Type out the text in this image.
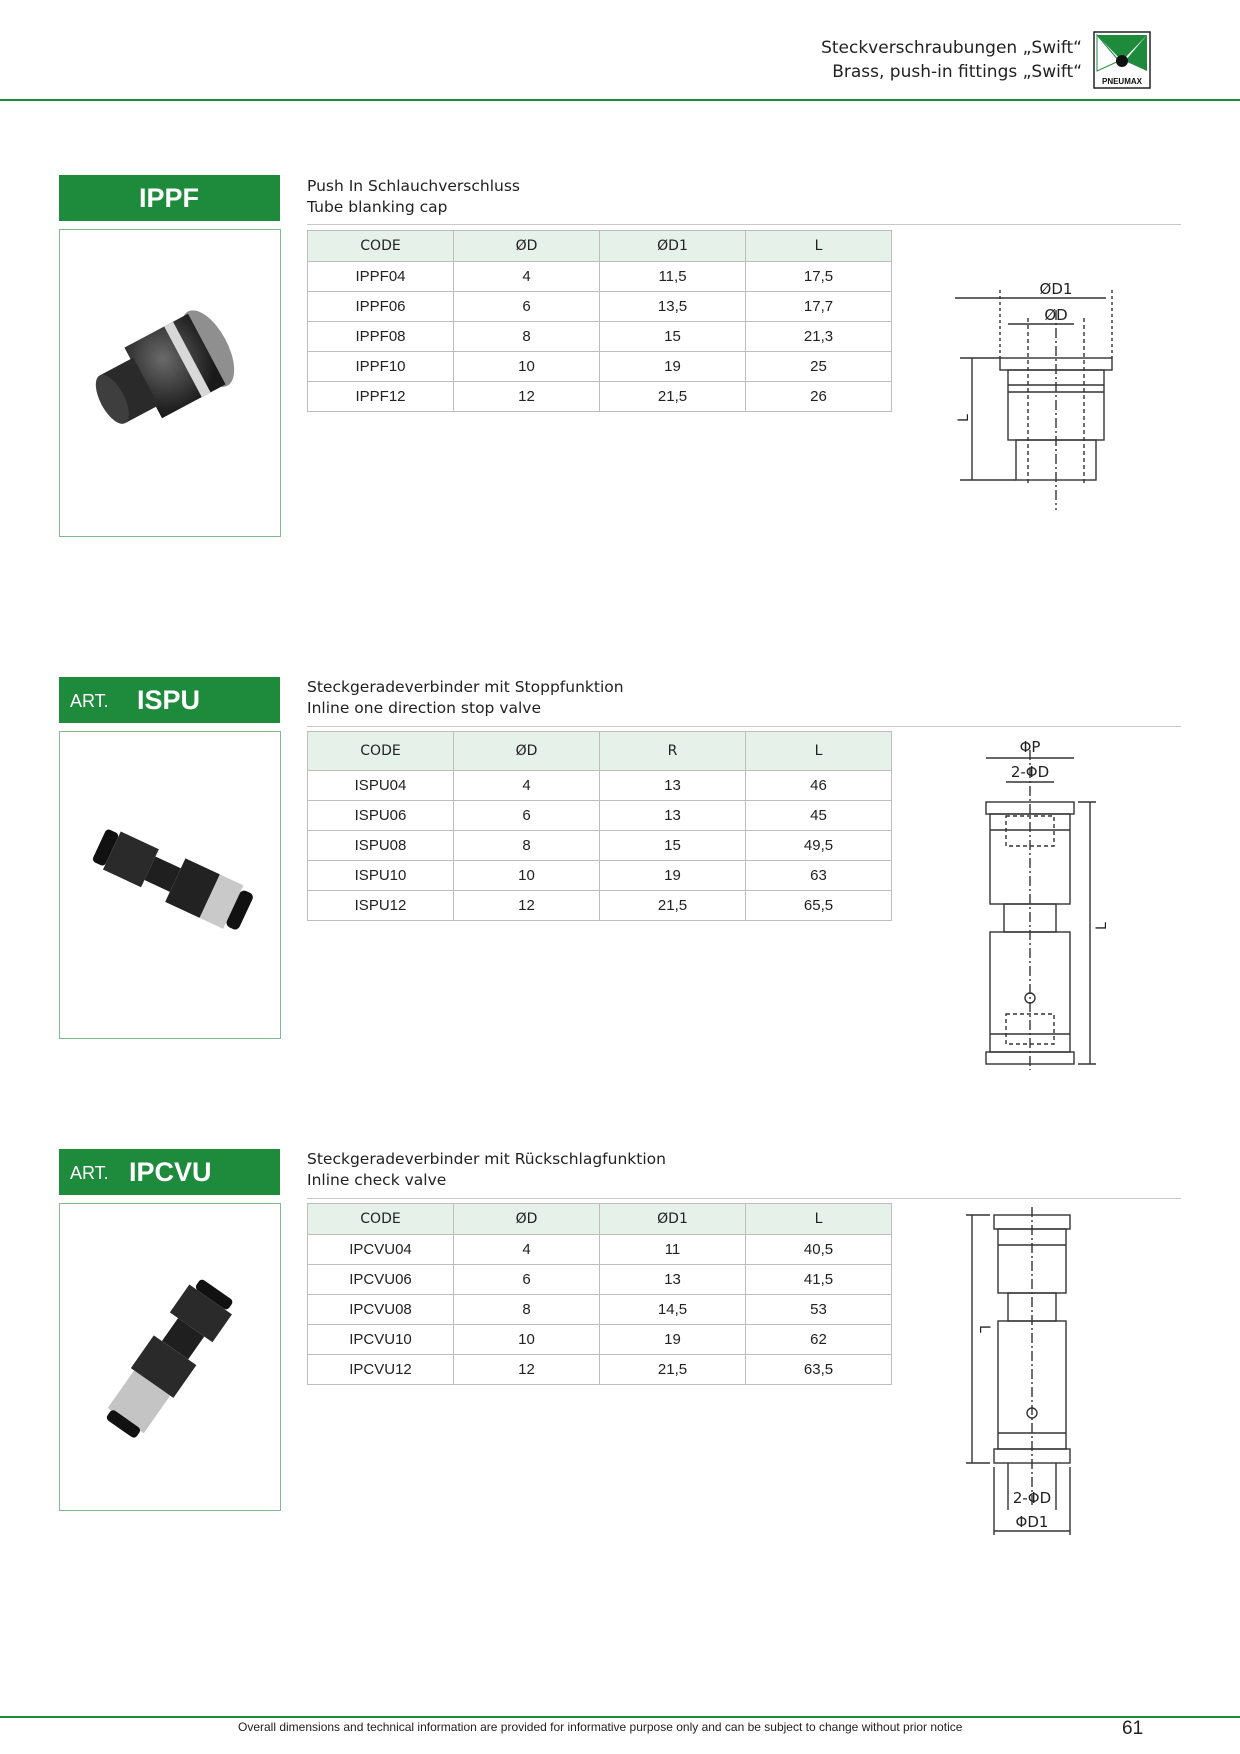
Steckverschraubungen „Swift“
Brass, push-in fittings „Swift“ PNEUMAX
IPPF	Push In Schlauchverschluss
Tube blanking cap
CODE	ØD	ØD1	L
IPPF04	4	11,5	17,5
IPPF06	6	13,5	17,7
IPPF08	8	15	21,3
IPPF10	10	19	25
IPPF12	12	21,5	26
ØD1
ØD
L
ART. ISPU	Steckgeradeverbinder mit Stoppfunktion
Inline one direction stop valve
CODE	ØD	R	L
ISPU04	4	13	46
ISPU06	6	13	45
ISPU08	8	15	49,5
ISPU10	10	19	63
ISPU12	12	21,5	65,5
ΦP
2-ΦD
L
ART. IPCVU	Steckgeradeverbinder mit Rückschlagfunktion
Inline check valve
CODE	ØD	ØD1	L
IPCVU04	4	11	40,5
IPCVU06	6	13	41,5
IPCVU08	8	14,5	53
IPCVU10	10	19	62
IPCVU12	12	21,5	63,5
L
2-ΦD
ΦD1
Overall dimensions and technical information are provided for informative purpose only and can be subject to change without prior notice	61
